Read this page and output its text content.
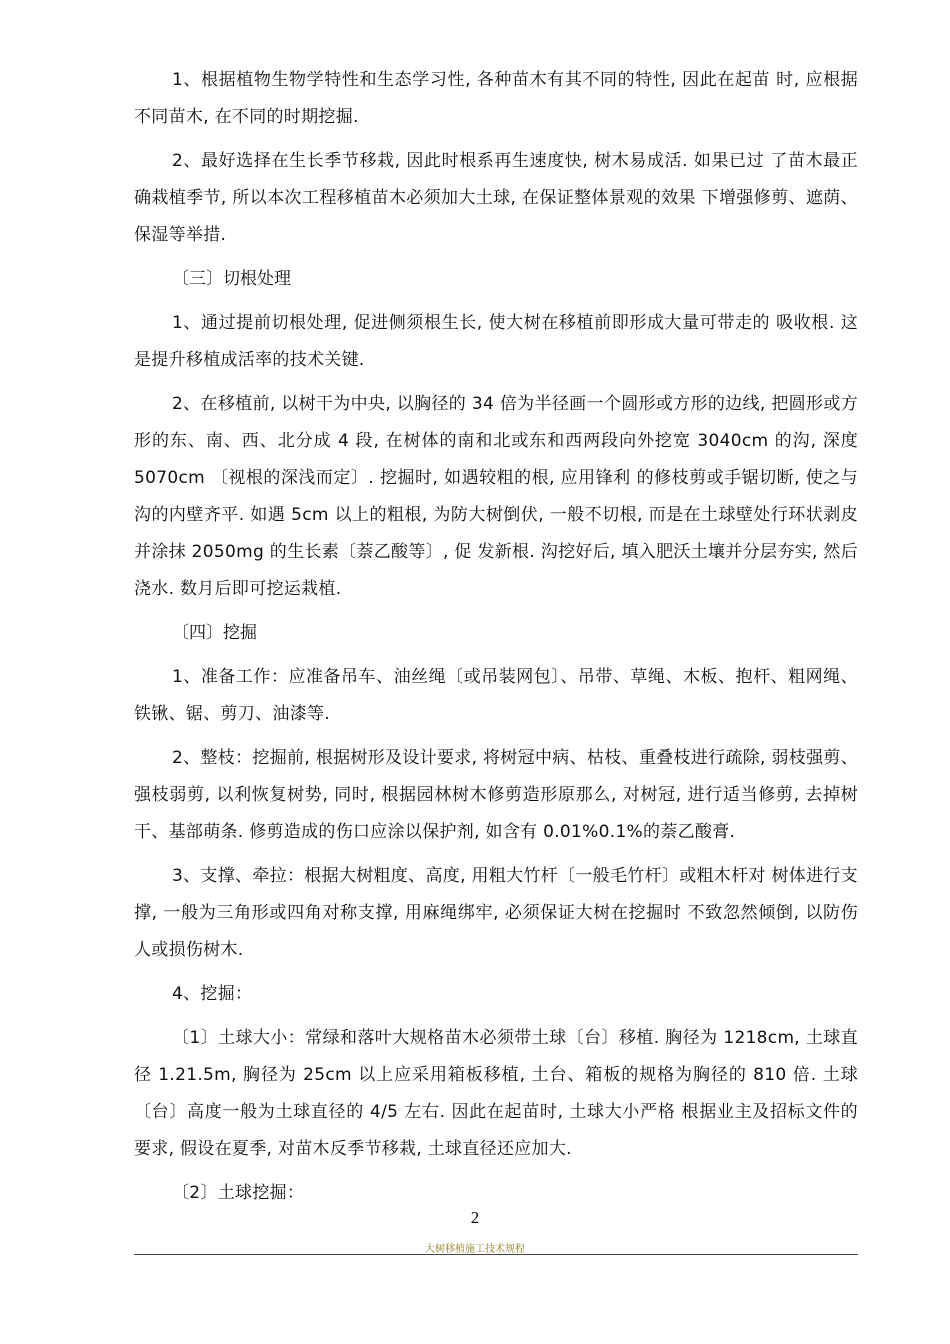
1、根据植物生物学特性和生态学习性, 各种苗木有其不同的特性, 因此在起苗 时, 应根据不同苗木, 在不同的时期挖掘.

2、最好选择在生长季节移栽, 因此时根系再生速度快, 树木易成活. 如果已过 了苗木最正确栽植季节, 所以本次工程移植苗木必须加大土球, 在保证整体景观的效果 下增强修剪、遮荫、保湿等举措.

〔三〕切根处理

1、通过提前切根处理, 促进侧须根生长, 使大树在移植前即形成大量可带走的 吸收根. 这是提升移植成活率的技术关键.

2、在移植前, 以树干为中央, 以胸径的 34 倍为半径画一个圆形或方形的边线, 把圆形或方形的东、南、西、北分成 4 段, 在树体的南和北或东和西两段向外挖宽 3040cm 的沟, 深度 5070cm 〔视根的深浅而定〕. 挖掘时, 如遇较粗的根, 应用锋利 的修枝剪或手锯切断, 使之与沟的内壁齐平. 如遇 5cm 以上的粗根, 为防大树倒伏, 一般不切根, 而是在土球壁处行环状剥皮并涂抹 2050mg 的生长素〔萘乙酸等〕, 促 发新根. 沟挖好后, 填入肥沃土壤并分层夯实, 然后浇水. 数月后即可挖运栽植.

〔四〕挖掘

1、准备工作：应准备吊车、油丝绳〔或吊装网包〕、吊带、草绳、木板、抱杆、粗网绳、铁锹、锯、剪刀、油漆等.

2、整枝：挖掘前, 根据树形及设计要求, 将树冠中病、枯枝、重叠枝进行疏除, 弱枝强剪、强枝弱剪, 以利恢复树势, 同时, 根据园林树木修剪造形原那么, 对树冠, 进行适当修剪, 去掉树干、基部萌条. 修剪造成的伤口应涂以保护剂, 如含有 0.01%0.1%的萘乙酸膏.

3、支撑、牵拉：根据大树粗度、高度, 用粗大竹杆〔一般毛竹杆〕或粗木杆对 树体进行支撑, 一般为三角形或四角对称支撑, 用麻绳绑牢, 必须保证大树在挖掘时 不致忽然倾倒, 以防伤人或损伤树木.

4、挖掘：

〔1〕土球大小：常绿和落叶大规格苗木必须带土球〔台〕移植. 胸径为 1218cm, 土球直径 1.21.5m, 胸径为 25cm 以上应采用箱板移植, 土台、箱板的规格为胸径的 810 倍. 土球〔台〕高度一般为土球直径的 4/5 左右. 因此在起苗时, 土球大小严格 根据业主及招标文件的要求, 假设在夏季, 对苗木反季节移栽, 土球直径还应加大.

〔2〕土球挖掘：

2
大树移植施工技术规程
